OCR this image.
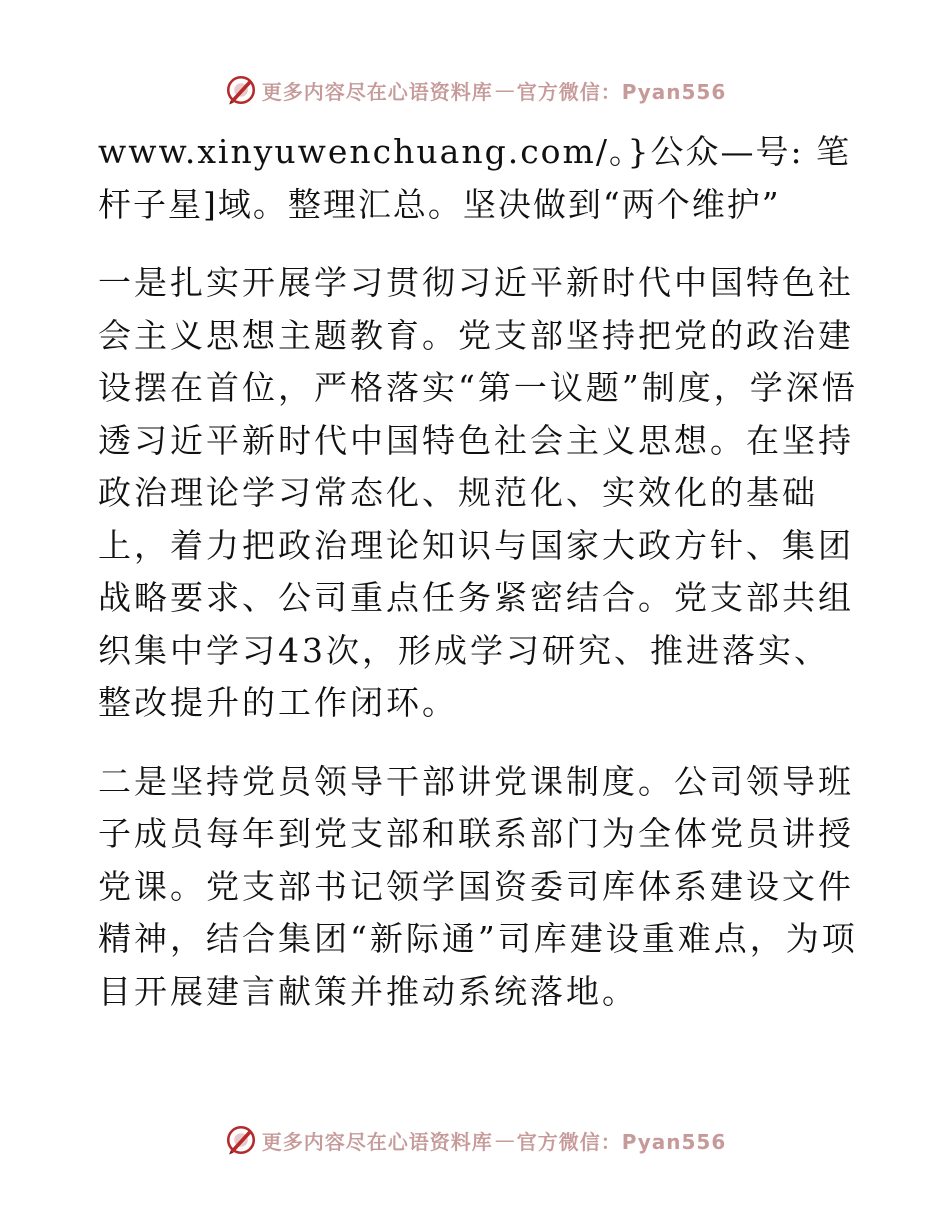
更多内容尽在心语资料库 — 官方微信：Pyan556

www.xinyuwenchuang.com/。}公众—号: 笔杆子星]域。整理汇总。坚决做到“两个维护”

一是扎实开展学习贯彻习近平新时代中国特色社会主义思想主题教育。党支部坚持把党的政治建设摆在首位，严格落实“第一议题”制度，学深悟透习近平新时代中国特色社会主义思想。在坚持政治理论学习常态化、规范化、实效化的基础上，着力把政治理论知识与国家大政方针、集团战略要求、公司重点任务紧密结合。党支部共组织集中学习43次，形成学习研究、推进落实、整改提升的工作闭环。

二是坚持党员领导干部讲党课制度。公司领导班子成员每年到党支部和联系部门为全体党员讲授党课。党支部书记领学国资委司库体系建设文件精神，结合集团“新际通”司库建设重难点，为项目开展建言献策并推动系统落地。

更多内容尽在心语资料库 — 官方微信：Pyan556
